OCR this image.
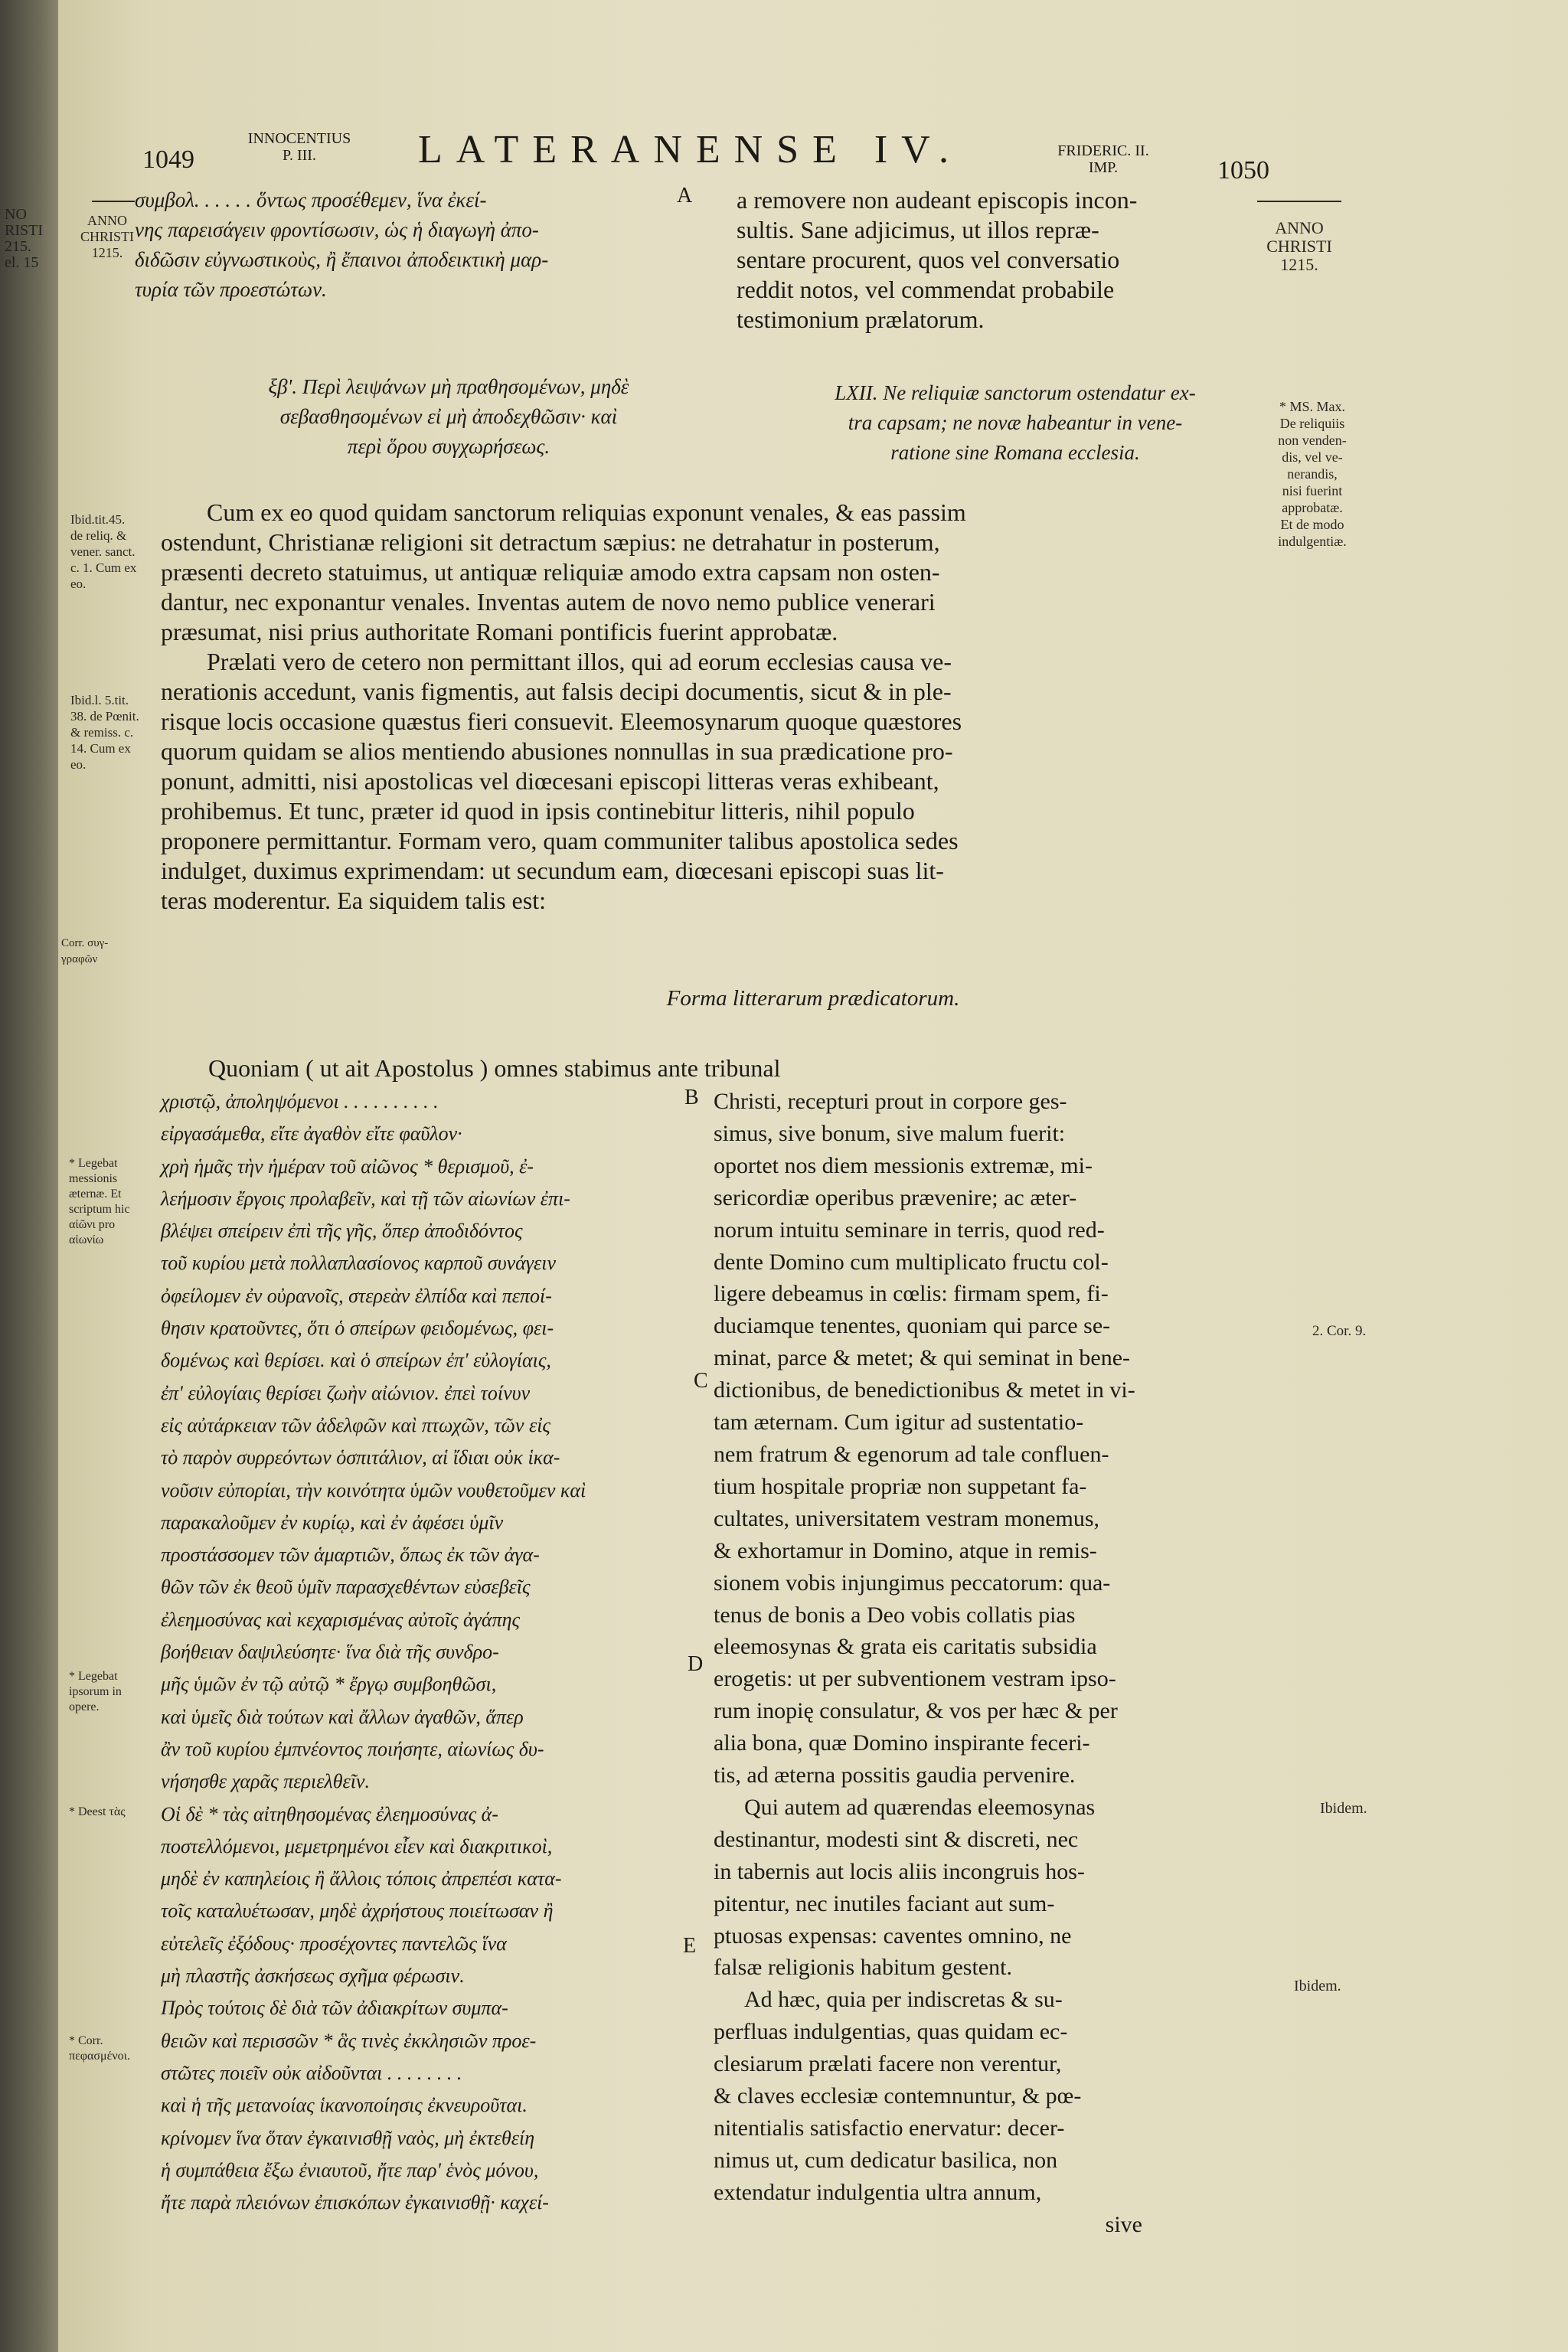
NO
RISTI
215.
el. 15
1049
INNOCENTIUS
P. III.	LATERANENSE IV.	FRIDERIC. II.
IMP.	1050
ANNO
CHRISTI
1215.
ANNO
CHRISTI
1215.
συμβολ. . . . . . ὅντως προσέθεμεν, ἵνα ἐκεί-
νης παρεισάγειν φροντίσωσιν, ὡς ἡ διαγωγὴ ἀπο-
διδῶσιν εὐγνωστικοὺς, ἢ ἔπαινοι ἀποδεικτικὴ μαρ-
τυρία τῶν προεστώτων.
a removere non audeant episcopis incon-
sultis. Sane adjicimus, ut illos repræ-
sentare procurent, quos vel conversatio
reddit notos, vel commendat probabile
testimonium prælatorum.
ξβ'. Περὶ λειψάνων μὴ πραθησομένων, μηδὲ
σεβασθησομένων εἰ μὴ ἀποδεχθῶσιν· καὶ
περὶ ὅρου συγχωρήσεως.
LXII. Ne reliquiæ sanctorum ostendatur ex-
tra capsam; ne novæ habeantur in vene-
ratione sine Romana ecclesia.
* MS. Max.
De reliquiis
non venden-
dis, vel ve-
nerandis,
nisi fuerint
approbatæ.
Et de modo
indulgentiæ.
Ibid.tit.45.
de reliq. &
vener. sanct.
c. 1. Cum ex
eo.
Ibid.l. 5.tit.
38. de Pœnit.
& remiss. c.
14. Cum ex
eo.
Corr. συγ-
γραφῶν
Cum ex eo quod quidam sanctorum reliquias exponunt venales, & eas passim
ostendunt, Christianæ religioni sit detractum sæpius: ne detrahatur in posterum,
præsenti decreto statuimus, ut antiquæ reliquiæ amodo extra capsam non osten-
dantur, nec exponantur venales. Inventas autem de novo nemo publice venerari
præsumat, nisi prius authoritate Romani pontificis fuerint approbatæ.
Prælati vero de cetero non permittant illos, qui ad eorum ecclesias causa ve-
nerationis accedunt, vanis figmentis, aut falsis decipi documentis, sicut & in ple-
risque locis occasione quæstus fieri consuevit. Eleemosynarum quoque quæstores
quorum quidam se alios mentiendo abusiones nonnullas in sua prædicatione pro-
ponunt, admitti, nisi apostolicas vel diœcesani episcopi litteras veras exhibeant,
prohibemus. Et tunc, præter id quod in ipsis continebitur litteris, nihil populo
proponere permittantur. Formam vero, quam communiter talibus apostolica sedes
indulget, duximus exprimendam: ut secundum eam, diœcesani episcopi suas lit-
teras moderentur. Ea siquidem talis est:
Forma litterarum prædicatorum.
Quoniam ( ut ait Apostolus ) omnes stabimus ante tribunal
* Legebat
messionis
æternæ. Et
scriptum hic
αἰῶνι pro
αἰωνίω
* Legebat
ipsorum in
opere.
* Deest τὰς
* Corr.
πεφασμένοι.
χριστῷ, ἀποληψόμενοι . . . . . . . . . .
εἰργασάμεθα, εἴτε ἀγαθὸν εἴτε φαῦλον·
χρὴ ἡμᾶς τὴν ἡμέραν τοῦ αἰῶνος * θερισμοῦ, ἐ-
λεήμοσιν ἔργοις προλαβεῖν, καὶ τῇ τῶν αἰωνίων ἐπι-
βλέψει σπείρειν ἐπὶ τῆς γῆς, ὅπερ ἀποδιδόντος
τοῦ κυρίου μετὰ πολλαπλασίονος καρποῦ συνάγειν
ὀφείλομεν ἐν οὐρανοῖς, στερεὰν ἐλπίδα καὶ πεποί-
θησιν κρατοῦντες, ὅτι ὁ σπείρων φειδομένως, φει-
δομένως καὶ θερίσει. καὶ ὁ σπείρων ἐπ' εὐλογίαις,
ἐπ' εὐλογίαις θερίσει ζωὴν αἰώνιον. ἐπεὶ τοίνυν
εἰς αὐτάρκειαν τῶν ἀδελφῶν καὶ πτωχῶν, τῶν εἰς
τὸ παρὸν συρρεόντων ὁσπιτάλιον, αἱ ἴδιαι οὐκ ἱκα-
νοῦσιν εὐπορίαι, τὴν κοινότητα ὑμῶν νουθετοῦμεν καὶ
παρακαλοῦμεν ἐν κυρίῳ, καὶ ἐν ἀφέσει ὑμῖν
προστάσσομεν τῶν ἁμαρτιῶν, ὅπως ἐκ τῶν ἀγα-
θῶν τῶν ἐκ θεοῦ ὑμῖν παρασχεθέντων εὐσεβεῖς
ἐλεημοσύνας καὶ κεχαρισμένας αὐτοῖς ἀγάπης
βοήθειαν δαψιλεύσητε· ἵνα διὰ τῆς συνδρο-
μῆς ὑμῶν ἐν τῷ αὐτῷ * ἔργῳ συμβοηθῶσι,
καὶ ὑμεῖς διὰ τούτων καὶ ἄλλων ἀγαθῶν, ἅπερ
ἂν τοῦ κυρίου ἐμπνέοντος ποιήσητε, αἰωνίως δυ-
νήσησθε χαρᾶς περιελθεῖν.
Οἱ δὲ * τὰς αἰτηθησομένας ἐλεημοσύνας ἀ-
ποστελλόμενοι, μεμετρημένοι εἶεν καὶ διακριτικοὶ,
μηδὲ ἐν καπηλείοις ἢ ἄλλοις τόποις ἀπρεπέσι κατα-
τοῖς καταλυέτωσαν, μηδὲ ἀχρήστους ποιείτωσαν ἢ
εὐτελεῖς ἐξόδους· προσέχοντες παντελῶς ἵνα
μὴ πλαστῆς ἀσκήσεως σχῆμα φέρωσιν.
Πρὸς τούτοις δὲ διὰ τῶν ἀδιακρίτων συμπα-
θειῶν καὶ περισσῶν * ἃς τινὲς ἐκκλησιῶν προε-
στῶτες ποιεῖν οὐκ αἰδοῦνται . . . . . . . .
καὶ ἡ τῆς μετανοίας ἱκανοποίησις ἐκνευροῦται.
κρίνομεν ἵνα ὅταν ἐγκαινισθῇ ναὸς, μὴ ἐκτεθείη
ἡ συμπάθεια ἔξω ἐνιαυτοῦ, ἤτε παρ' ἑνὸς μόνου,
ἤτε παρὰ πλειόνων ἐπισκόπων ἐγκαινισθῇ· καχεί-
A
B
C
D
E
Christi, recepturi prout in corpore ges-
simus, sive bonum, sive malum fuerit:
oportet nos diem messionis extremæ, mi-
sericordiæ operibus prævenire; ac æter-
norum intuitu seminare in terris, quod red-
dente Domino cum multiplicato fructu col-
ligere debeamus in cœlis: firmam spem, fi-
duciamque tenentes, quoniam qui parce se-
minat, parce & metet; & qui seminat in bene-
dictionibus, de benedictionibus & metet in vi-
tam æternam. Cum igitur ad sustentatio-
nem fratrum & egenorum ad tale confluen-
tium hospitale propriæ non suppetant fa-
cultates, universitatem vestram monemus,
& exhortamur in Domino, atque in remis-
sionem vobis injungimus peccatorum: qua-
tenus de bonis a Deo vobis collatis pias
eleemosynas & grata eis caritatis subsidia
erogetis: ut per subventionem vestram ipso-
rum inopię consulatur, & vos per hæc & per
alia bona, quæ Domino inspirante feceri-
tis, ad æterna possitis gaudia pervenire.
Qui autem ad quærendas eleemosynas
destinantur, modesti sint & discreti, nec
in tabernis aut locis aliis incongruis hos-
pitentur, nec inutiles faciant aut sum-
ptuosas expensas: caventes omnino, ne
falsæ religionis habitum gestent.
Ad hæc, quia per indiscretas & su-
perfluas indulgentias, quas quidam ec-
clesiarum prælati facere non verentur,
& claves ecclesiæ contemnuntur, & pœ-
nitentialis satisfactio enervatur: decer-
nimus ut, cum dedicatur basilica, non
extendatur indulgentia ultra annum,
sive
2. Cor. 9.
Ibidem.
Ibidem.
